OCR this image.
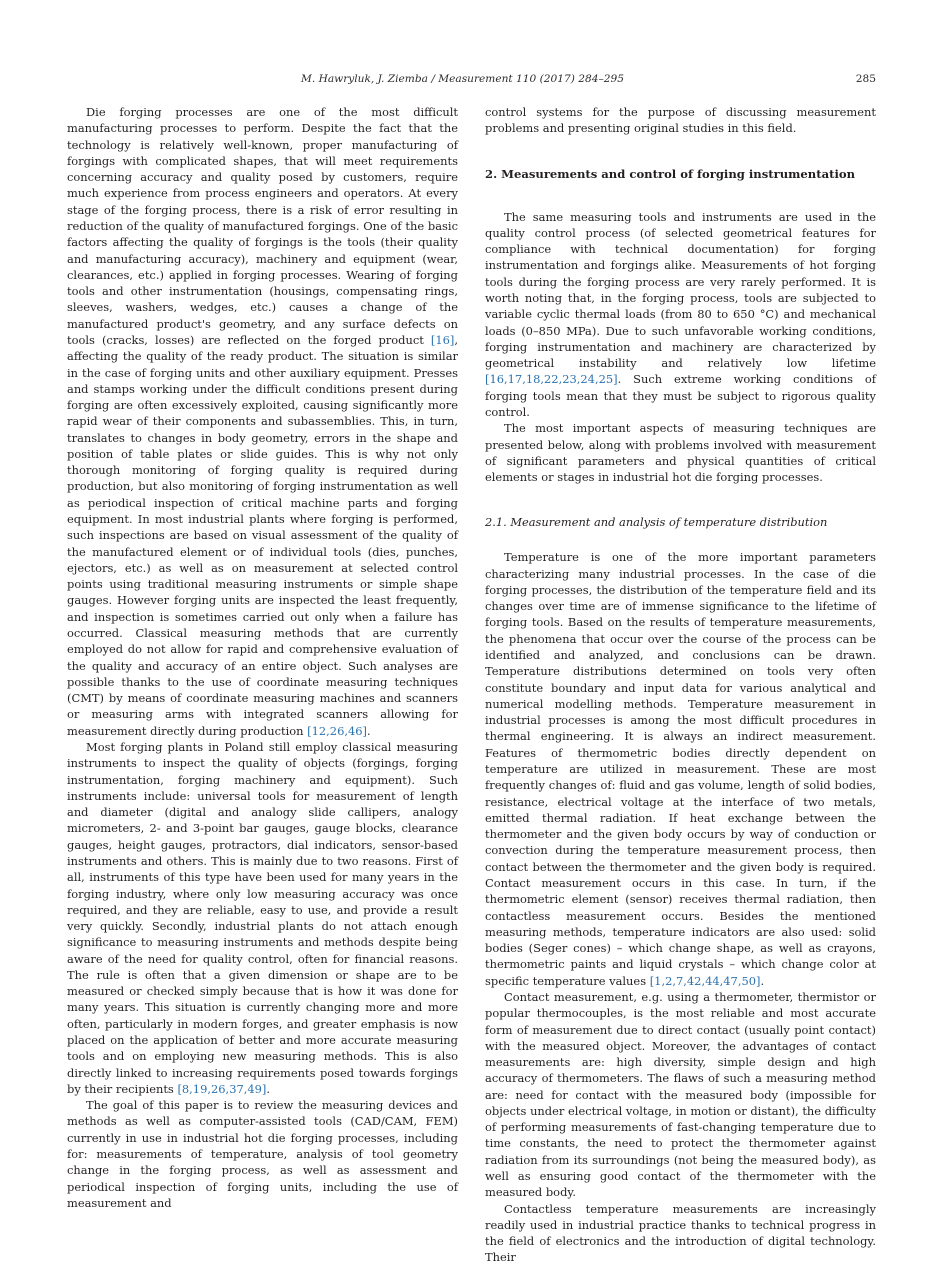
M. Hawryluk, J. Ziemba / Measurement 110 (2017) 284–295	285

Die forging processes are one of the most difficult manufacturing processes to perform. Despite the fact that the technology is relatively well-known, proper manufacturing of forgings with complicated shapes, that will meet requirements concerning accuracy and quality posed by customers, require much experience from process engineers and operators. At every stage of the forging process, there is a risk of error resulting in reduction of the quality of manufactured forgings. One of the basic factors affecting the quality of forgings is the tools (their quality and manufacturing accuracy), machinery and equipment (wear, clearances, etc.) applied in forging processes. Wearing of forging tools and other instrumentation (housings, compensating rings, sleeves, washers, wedges, etc.) causes a change of the manufactured product's geometry, and any surface defects on tools (cracks, losses) are reflected on the forged product [16], affecting the quality of the ready product. The situation is similar in the case of forging units and other auxiliary equipment. Presses and stamps working under the difficult conditions present during forging are often excessively exploited, causing significantly more rapid wear of their components and subassemblies. This, in turn, translates to changes in body geometry, errors in the shape and position of table plates or slide guides. This is why not only thorough monitoring of forging quality is required during production, but also monitoring of forging instrumentation as well as periodical inspection of critical machine parts and forging equipment. In most industrial plants where forging is performed, such inspections are based on visual assessment of the quality of the manufactured element or of individual tools (dies, punches, ejectors, etc.) as well as on measurement at selected control points using traditional measuring instruments or simple shape gauges. However forging units are inspected the least frequently, and inspection is sometimes carried out only when a failure has occurred. Classical measuring methods that are currently employed do not allow for rapid and comprehensive evaluation of the quality and accuracy of an entire object. Such analyses are possible thanks to the use of coordinate measuring techniques (CMT) by means of coordinate measuring machines and scanners or measuring arms with integrated scanners allowing for measurement directly during production [12,26,46].

Most forging plants in Poland still employ classical measuring instruments to inspect the quality of objects (forgings, forging instrumentation, forging machinery and equipment). Such instruments include: universal tools for measurement of length and diameter (digital and analogy slide callipers, analogy micrometers, 2- and 3-point bar gauges, gauge blocks, clearance gauges, height gauges, protractors, dial indicators, sensor-based instruments and others. This is mainly due to two reasons. First of all, instruments of this type have been used for many years in the forging industry, where only low measuring accuracy was once required, and they are reliable, easy to use, and provide a result very quickly. Secondly, industrial plants do not attach enough significance to measuring instruments and methods despite being aware of the need for quality control, often for financial reasons. The rule is often that a given dimension or shape are to be measured or checked simply because that is how it was done for many years. This situation is currently changing more and more often, particularly in modern forges, and greater emphasis is now placed on the application of better and more accurate measuring tools and on employing new measuring methods. This is also directly linked to increasing requirements posed towards forgings by their recipients [8,19,26,37,49].

The goal of this paper is to review the measuring devices and methods as well as computer-assisted tools (CAD/CAM, FEM) currently in use in industrial hot die forging processes, including for: measurements of temperature, analysis of tool geometry change in the forging process, as well as assessment and periodical inspection of forging units, including the use of measurement and

control systems for the purpose of discussing measurement problems and presenting original studies in this field.

2. Measurements and control of forging instrumentation

The same measuring tools and instruments are used in the quality control process (of selected geometrical features for compliance with technical documentation) for forging instrumentation and forgings alike. Measurements of hot forging tools during the forging process are very rarely performed. It is worth noting that, in the forging process, tools are subjected to variable cyclic thermal loads (from 80 to 650 °C) and mechanical loads (0–850 MPa). Due to such unfavorable working conditions, forging instrumentation and machinery are characterized by geometrical instability and relatively low lifetime [16,17,18,22,23,24,25]. Such extreme working conditions of forging tools mean that they must be subject to rigorous quality control.

The most important aspects of measuring techniques are presented below, along with problems involved with measurement of significant parameters and physical quantities of critical elements or stages in industrial hot die forging processes.

2.1. Measurement and analysis of temperature distribution

Temperature is one of the more important parameters characterizing many industrial processes. In the case of die forging processes, the distribution of the temperature field and its changes over time are of immense significance to the lifetime of forging tools. Based on the results of temperature measurements, the phenomena that occur over the course of the process can be identified and analyzed, and conclusions can be drawn. Temperature distributions determined on tools very often constitute boundary and input data for various analytical and numerical modelling methods. Temperature measurement in industrial processes is among the most difficult procedures in thermal engineering. It is always an indirect measurement. Features of thermometric bodies directly dependent on temperature are utilized in measurement. These are most frequently changes of: fluid and gas volume, length of solid bodies, resistance, electrical voltage at the interface of two metals, emitted thermal radiation. If heat exchange between the thermometer and the given body occurs by way of conduction or convection during the temperature measurement process, then contact between the thermometer and the given body is required. Contact measurement occurs in this case. In turn, if the thermometric element (sensor) receives thermal radiation, then contactless measurement occurs. Besides the mentioned measuring methods, temperature indicators are also used: solid bodies (Seger cones) – which change shape, as well as crayons, thermometric paints and liquid crystals – which change color at specific temperature values [1,2,7,42,44,47,50].

Contact measurement, e.g. using a thermometer, thermistor or popular thermocouples, is the most reliable and most accurate form of measurement due to direct contact (usually point contact) with the measured object. Moreover, the advantages of contact measurements are: high diversity, simple design and high accuracy of thermometers. The flaws of such a measuring method are: need for contact with the measured body (impossible for objects under electrical voltage, in motion or distant), the difficulty of performing measurements of fast-changing temperature due to time constants, the need to protect the thermometer against radiation from its surroundings (not being the measured body), as well as ensuring good contact of the thermometer with the measured body.

Contactless temperature measurements are increasingly readily used in industrial practice thanks to technical progress in the field of electronics and the introduction of digital technology. Their
